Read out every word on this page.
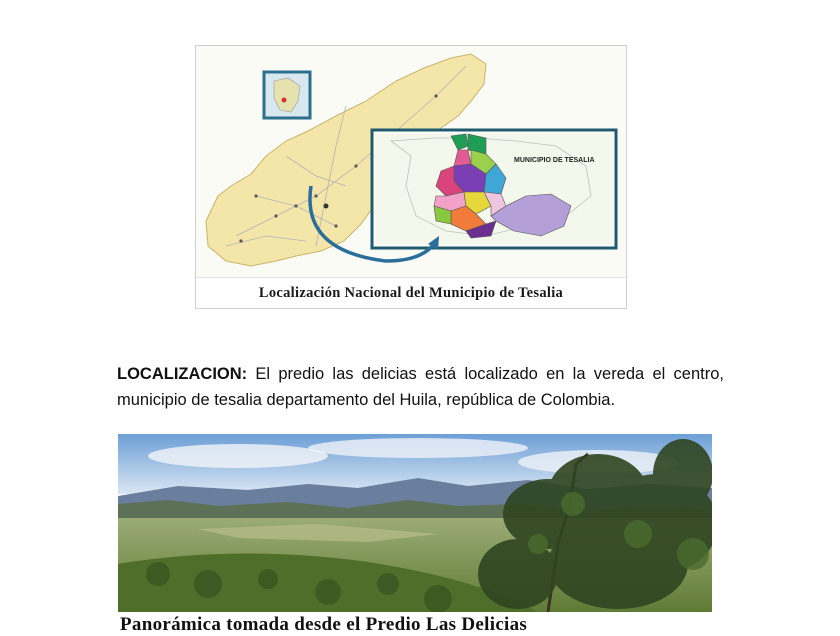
MUNICIPIO DE TESALIA
Localización Nacional del Municipio de Tesalia

LOCALIZACION: El predio las delicias está localizado en la vereda el centro, municipio de tesalia departamento del Huila, república de Colombia.

Panorámica tomada desde el Predio Las Delicias
